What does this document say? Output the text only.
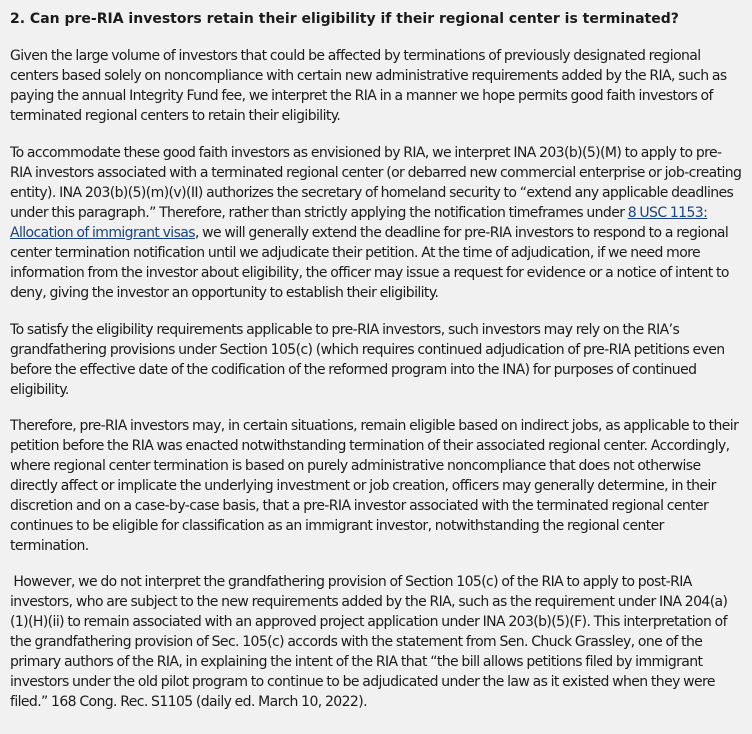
2. Can pre-RIA investors retain their eligibility if their regional center is terminated?

Given the large volume of investors that could be affected by terminations of previously designated regional centers based solely on noncompliance with certain new administrative requirements added by the RIA, such as paying the annual Integrity Fund fee, we interpret the RIA in a manner we hope permits good faith investors of terminated regional centers to retain their eligibility.

To accommodate these good faith investors as envisioned by RIA, we interpret INA 203(b)(5)(M) to apply to pre-RIA investors associated with a terminated regional center (or debarred new commercial enterprise or job-creating entity). INA 203(b)(5)(m)(v)(II) authorizes the secretary of homeland security to “extend any applicable deadlines under this paragraph.” Therefore, rather than strictly applying the notification timeframes under 8 USC 1153: Allocation of immigrant visas, we will generally extend the deadline for pre-RIA investors to respond to a regional center termination notification until we adjudicate their petition. At the time of adjudication, if we need more information from the investor about eligibility, the officer may issue a request for evidence or a notice of intent to deny, giving the investor an opportunity to establish their eligibility.

To satisfy the eligibility requirements applicable to pre-RIA investors, such investors may rely on the RIA’s grandfathering provisions under Section 105(c) (which requires continued adjudication of pre-RIA petitions even before the effective date of the codification of the reformed program into the INA) for purposes of continued eligibility.

Therefore, pre-RIA investors may, in certain situations, remain eligible based on indirect jobs, as applicable to their petition before the RIA was enacted notwithstanding termination of their associated regional center. Accordingly, where regional center termination is based on purely administrative noncompliance that does not otherwise directly affect or implicate the underlying investment or job creation, officers may generally determine, in their discretion and on a case-by-case basis, that a pre-RIA investor associated with the terminated regional center continues to be eligible for classification as an immigrant investor, notwithstanding the regional center termination.

However, we do not interpret the grandfathering provision of Section 105(c) of the RIA to apply to post-RIA investors, who are subject to the new requirements added by the RIA, such as the requirement under INA 204(a)(1)(H)(ii) to remain associated with an approved project application under INA 203(b)(5)(F). This interpretation of the grandfathering provision of Sec. 105(c) accords with the statement from Sen. Chuck Grassley, one of the primary authors of the RIA, in explaining the intent of the RIA that “the bill allows petitions filed by immigrant investors under the old pilot program to continue to be adjudicated under the law as it existed when they were filed.” 168 Cong. Rec. S1105 (daily ed. March 10, 2022).
